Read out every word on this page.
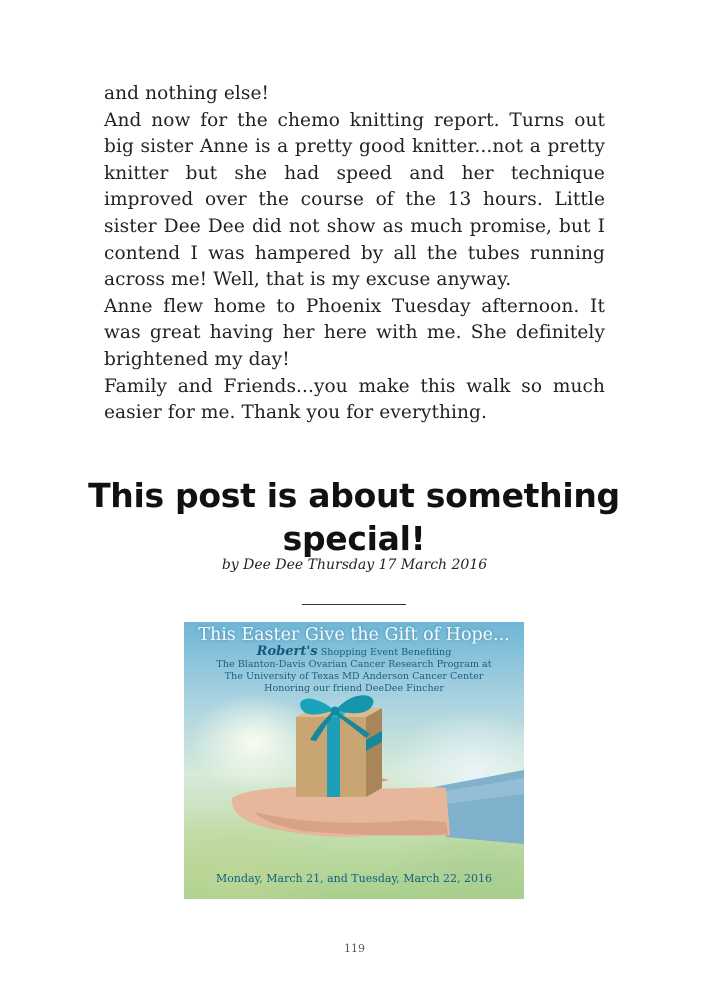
and nothing else!

And now for the chemo knitting report. Turns out big sister Anne is a pretty good knitter...not a pretty knitter but she had speed and her technique improved over the course of the 13 hours. Little sister Dee Dee did not show as much promise, but I contend I was hampered by all the tubes running across me! Well, that is my excuse anyway.

Anne flew home to Phoenix Tuesday afternoon. It was great having her here with me. She definitely brightened my day!

Family and Friends...you make this walk so much easier for me. Thank you for everything.

This post is about something special!
by Dee Dee Thursday 17 March 2016
This Easter Give the Gift of Hope...
Robert's Shopping Event Benefiting
The Blanton-Davis Ovarian Cancer Research Program at
The University of Texas MD Anderson Cancer Center
Honoring our friend DeeDee Fincher
Monday, March 21, and Tuesday, March 22, 2016
119
